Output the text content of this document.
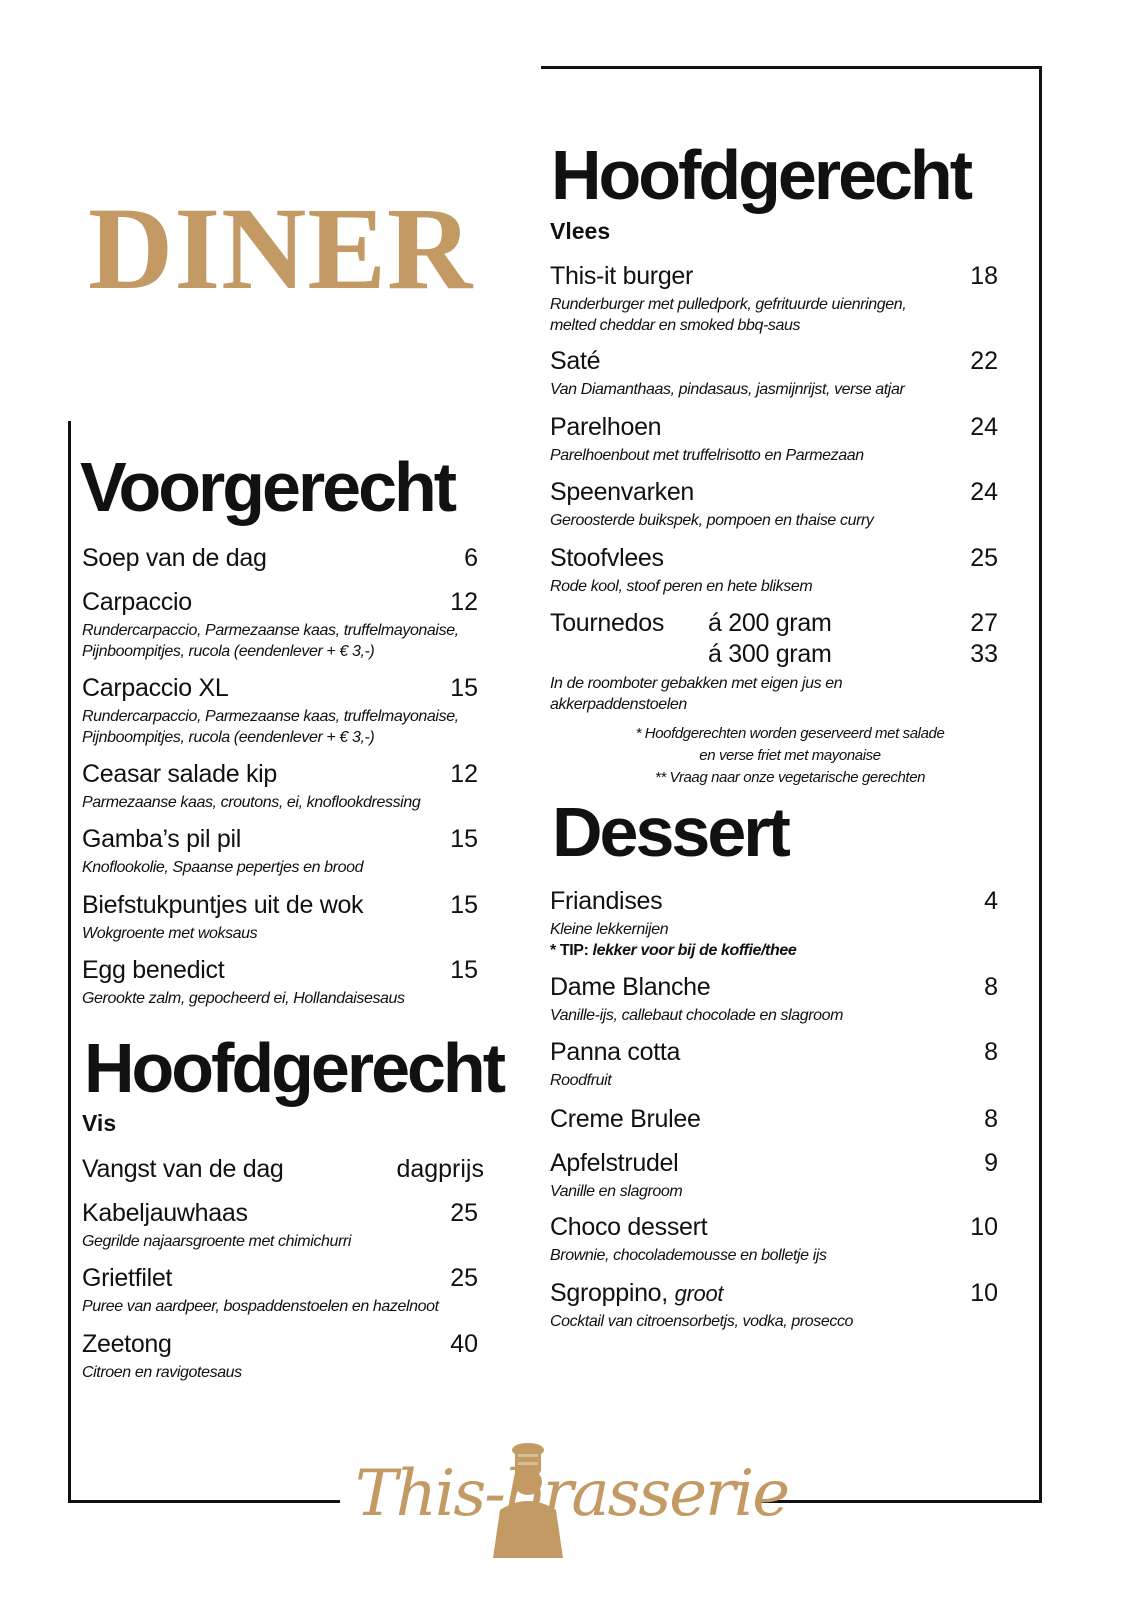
DINER
Voorgerecht
Soep van de dag	6
Carpaccio	12
Rundercarpaccio, Parmezaanse kaas, truffelmayonaise,
Pijnboompitjes, rucola (eendenlever + € 3,-)
Carpaccio XL	15
Rundercarpaccio, Parmezaanse kaas, truffelmayonaise,
Pijnboompitjes, rucola (eendenlever + € 3,-)
Ceasar salade kip	12
Parmezaanse kaas, croutons, ei, knoflookdressing
Gamba’s pil pil	15
Knoflookolie, Spaanse pepertjes en brood
Biefstukpuntjes uit de wok	15
Wokgroente met woksaus
Egg benedict	15
Gerookte zalm, gepocheerd ei, Hollandaisesaus
Hoofdgerecht
Vis
Vangst van de dag	dagprijs
Kabeljauwhaas	25
Gegrilde najaarsgroente met chimichurri
Grietfilet	25
Puree van aardpeer, bospaddenstoelen en hazelnoot
Zeetong	40
Citroen en ravigotesaus
Hoofdgerecht
Vlees
This-it burger	18
Runderburger met pulledpork, gefrituurde uienringen,
melted cheddar en smoked bbq-saus
Saté	22
Van Diamanthaas, pindasaus, jasmijnrijst, verse atjar
Parelhoen	24
Parelhoenbout met truffelrisotto en Parmezaan
Speenvarken	24
Geroosterde buikspek, pompoen en thaise curry
Stoofvlees	25
Rode kool, stoof peren en hete bliksem
Tournedos á 200 gram	27
á 300 gram	33
In de roomboter gebakken met eigen jus en
akkerpaddenstoelen
* Hoofdgerechten worden geserveerd met salade
en verse friet met mayonaise
** Vraag naar onze vegetarische gerechten
Dessert
Friandises	4
Kleine lekkernijen
* TIP: lekker voor bij de koffie/thee
Dame Blanche	8
Vanille-ijs, callebaut chocolade en slagroom
Panna cotta	8
Roodfruit
Creme Brulee	8
Apfelstrudel	9
Vanille en slagroom
Choco dessert	10
Brownie, chocolademousse en bolletje ijs
Sgroppino, groot	10
Cocktail van citroensorbetjs, vodka, prosecco
This-brasserie
